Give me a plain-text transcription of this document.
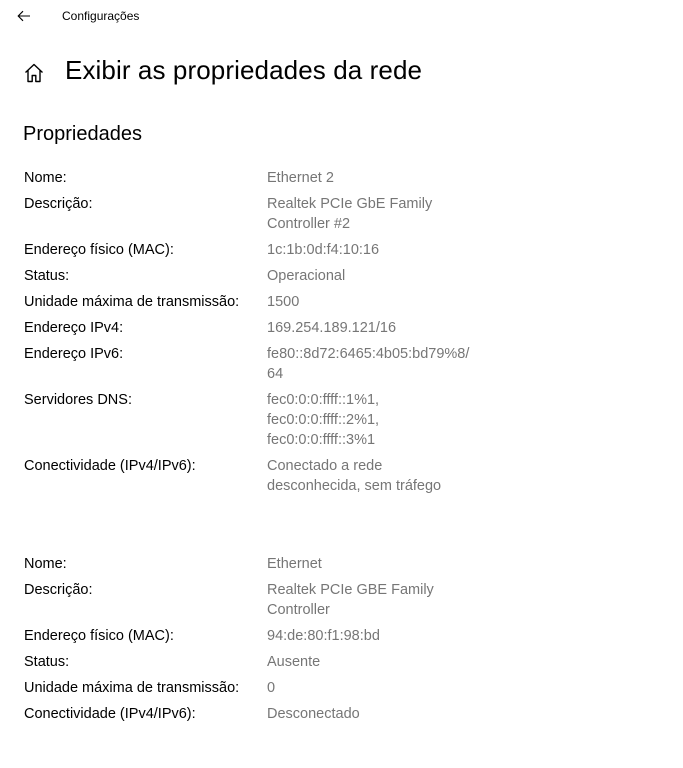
Configurações
Exibir as propriedades da rede
Propriedades
Nome:	Ethernet 2
Descrição:	Realtek PCIe GbE Family
Controller #2
Endereço físico (MAC):	1c:1b:0d:f4:10:16
Status:	Operacional
Unidade máxima de transmissão:	1500
Endereço IPv4:	169.254.189.121/16
Endereço IPv6:	fe80::8d72:6465:4b05:bd79%8/
64
Servidores DNS:	fec0:0:0:ffff::1%1,
fec0:0:0:ffff::2%1,
fec0:0:0:ffff::3%1
Conectividade (IPv4/IPv6):	Conectado a rede
desconhecida, sem tráfego
Nome:	Ethernet
Descrição:	Realtek PCIe GBE Family
Controller
Endereço físico (MAC):	94:de:80:f1:98:bd
Status:	Ausente
Unidade máxima de transmissão:	0
Conectividade (IPv4/IPv6):	Desconectado
